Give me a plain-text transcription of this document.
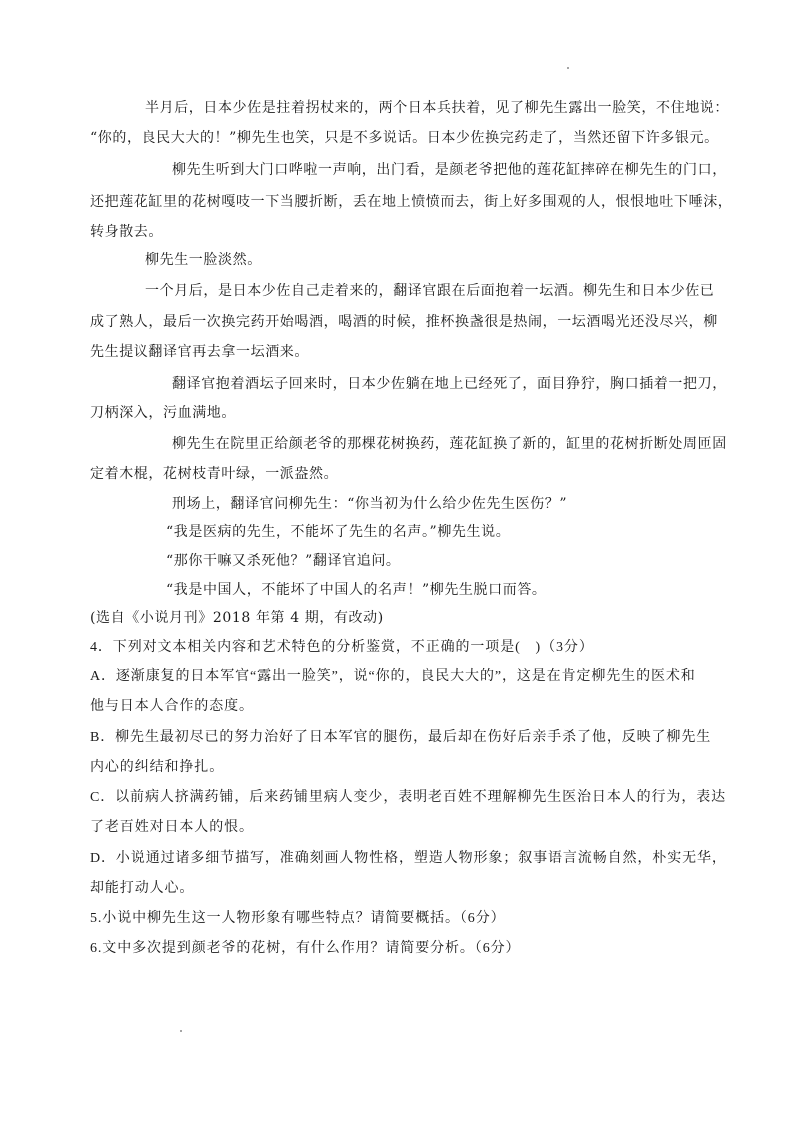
半月后，日本少佐是拄着拐杖来的，两个日本兵扶着，见了柳先生露出一脸笑，不住地说：
“你的，良民大大的！”柳先生也笑，只是不多说话。日本少佐换完药走了，当然还留下许多银元。
柳先生听到大门口哗啦一声响，出门看，是颜老爷把他的莲花缸摔碎在柳先生的门口，
还把莲花缸里的花树嘎吱一下当腰折断，丢在地上愤愤而去，街上好多围观的人，恨恨地吐下唾沫，
转身散去。
柳先生一脸淡然。
一个月后，是日本少佐自己走着来的，翻译官跟在后面抱着一坛酒。柳先生和日本少佐已
成了熟人，最后一次换完药开始喝酒，喝酒的时候，推杯换盏很是热闹，一坛酒喝光还没尽兴，柳
先生提议翻译官再去拿一坛酒来。
翻译官抱着酒坛子回来时，日本少佐躺在地上已经死了，面目狰狞，胸口插着一把刀，
刀柄深入，污血满地。
柳先生在院里正给颜老爷的那棵花树换药，莲花缸换了新的，缸里的花树折断处周匝固
定着木棍，花树枝青叶绿，一派盎然。
刑场上，翻译官问柳先生：“你当初为什么给少佐先生医伤？”
“我是医病的先生，不能坏了先生的名声。”柳先生说。
“那你干嘛又杀死他？”翻译官追问。
“我是中国人，不能坏了中国人的名声！”柳先生脱口而答。
(选自《小说月刊》2018 年第 4 期，有改动)
4．下列对文本相关内容和艺术特色的分析鉴赏，不正确的一项是(　)（3分）
A．逐渐康复的日本军官“露出一脸笑”，说“你的，良民大大的”，这是在肯定柳先生的医术和
他与日本人合作的态度。
B．柳先生最初尽已的努力治好了日本军官的腿伤，最后却在伤好后亲手杀了他，反映了柳先生
内心的纠结和挣扎。
C．以前病人挤满药铺，后来药铺里病人变少，表明老百姓不理解柳先生医治日本人的行为，表达
了老百姓对日本人的恨。
D．小说通过诸多细节描写，准确刻画人物性格，塑造人物形象；叙事语言流畅自然，朴实无华，
却能打动人心。
5.小说中柳先生这一人物形象有哪些特点？请简要概括。（6分）
6.文中多次提到颜老爷的花树，有什么作用？请简要分析。（6分）
